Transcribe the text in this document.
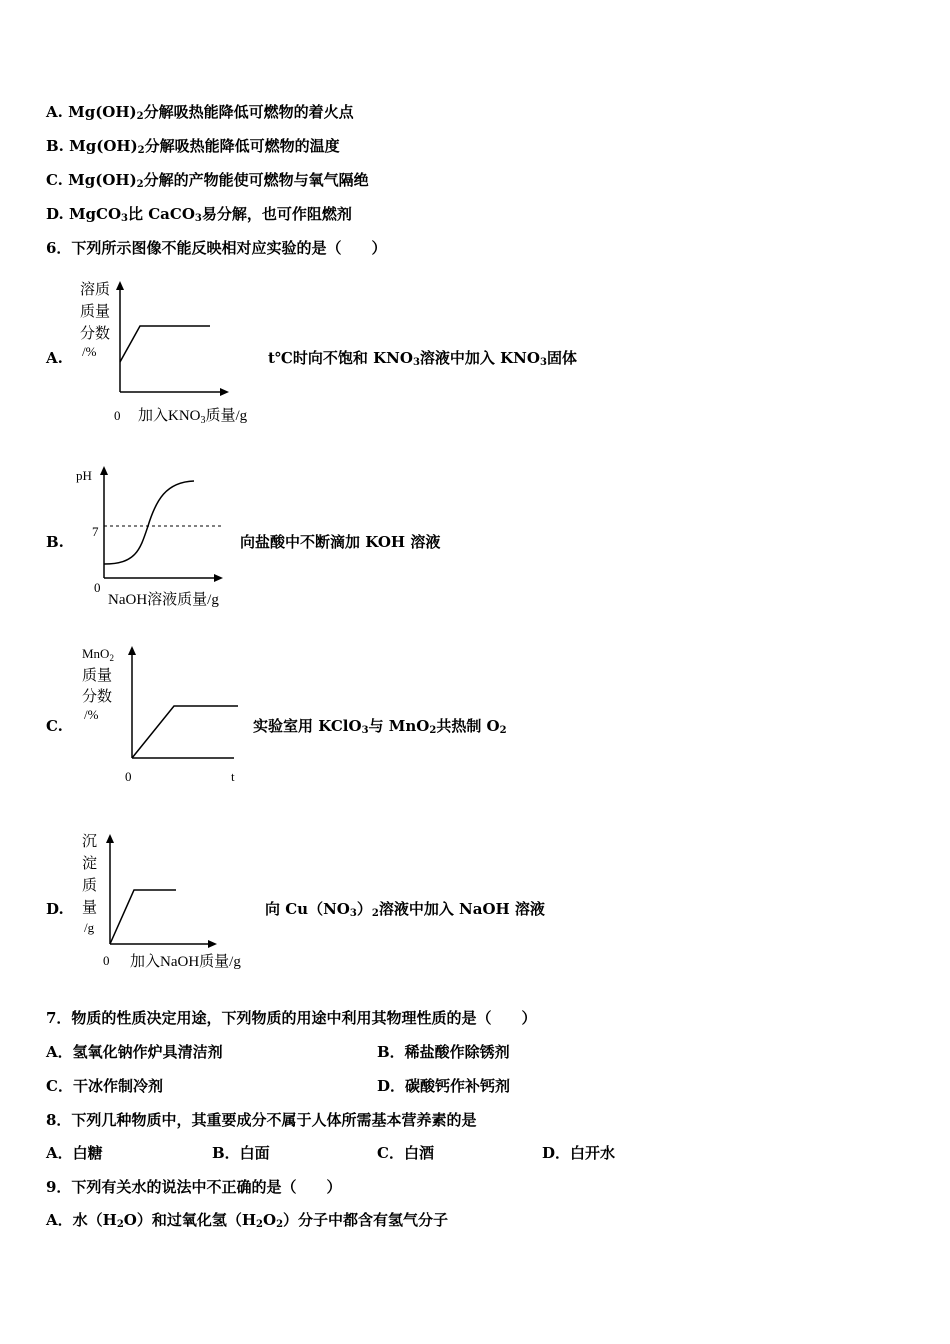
A. $Mg(OH)_2$分解吸热能降低可燃物的着火点
B. $Mg(OH)_2$分解吸热能降低可燃物的温度
C. $Mg(OH)_2$分解的产物能使可燃物与氧气隔绝
D. MgCO$_3$比 CaCO$_3$易分解，也可作阻燃剂
6．下列所示图像不能反映相对应实验的是（　　）
A.
溶质
质量
分数
/%
0 加入$KNO_3$质量/g
t℃时向不饱和 $KNO_3$溶液中加入 $KNO_3$固体
B.
pH
7
0
NaOH溶液质量/g
向盐酸中不断滴加 KOH 溶液
C.
MnO$_2$
质量
分数
/%
0	t
实验室用 KClO$_3$与 MnO$_2$共热制 $O_2$
D.
沉
淀
质
量
/g
0 加入NaOH质量/g
向 $Cu(NO_3)_2$溶液中加入 NaOH 溶液
7．物质的性质决定用途，下列物质的用途中利用其物理性质的是（　　）
A．氢氧化钠作炉具清洁剂	B．稀盐酸作除锈剂
C．干冰作制冷剂	D．碳酸钙作补钙剂
8．下列几种物质中，其重要成分不属于人体所需基本营养素的是
A．白糖	B．白面	C．白酒	D．白开水
9．下列有关水的说法中不正确的是（　　）
A．水$(H_2O)$和过氧化氢$(H_2O_2)$分子中都含有氢气分子
